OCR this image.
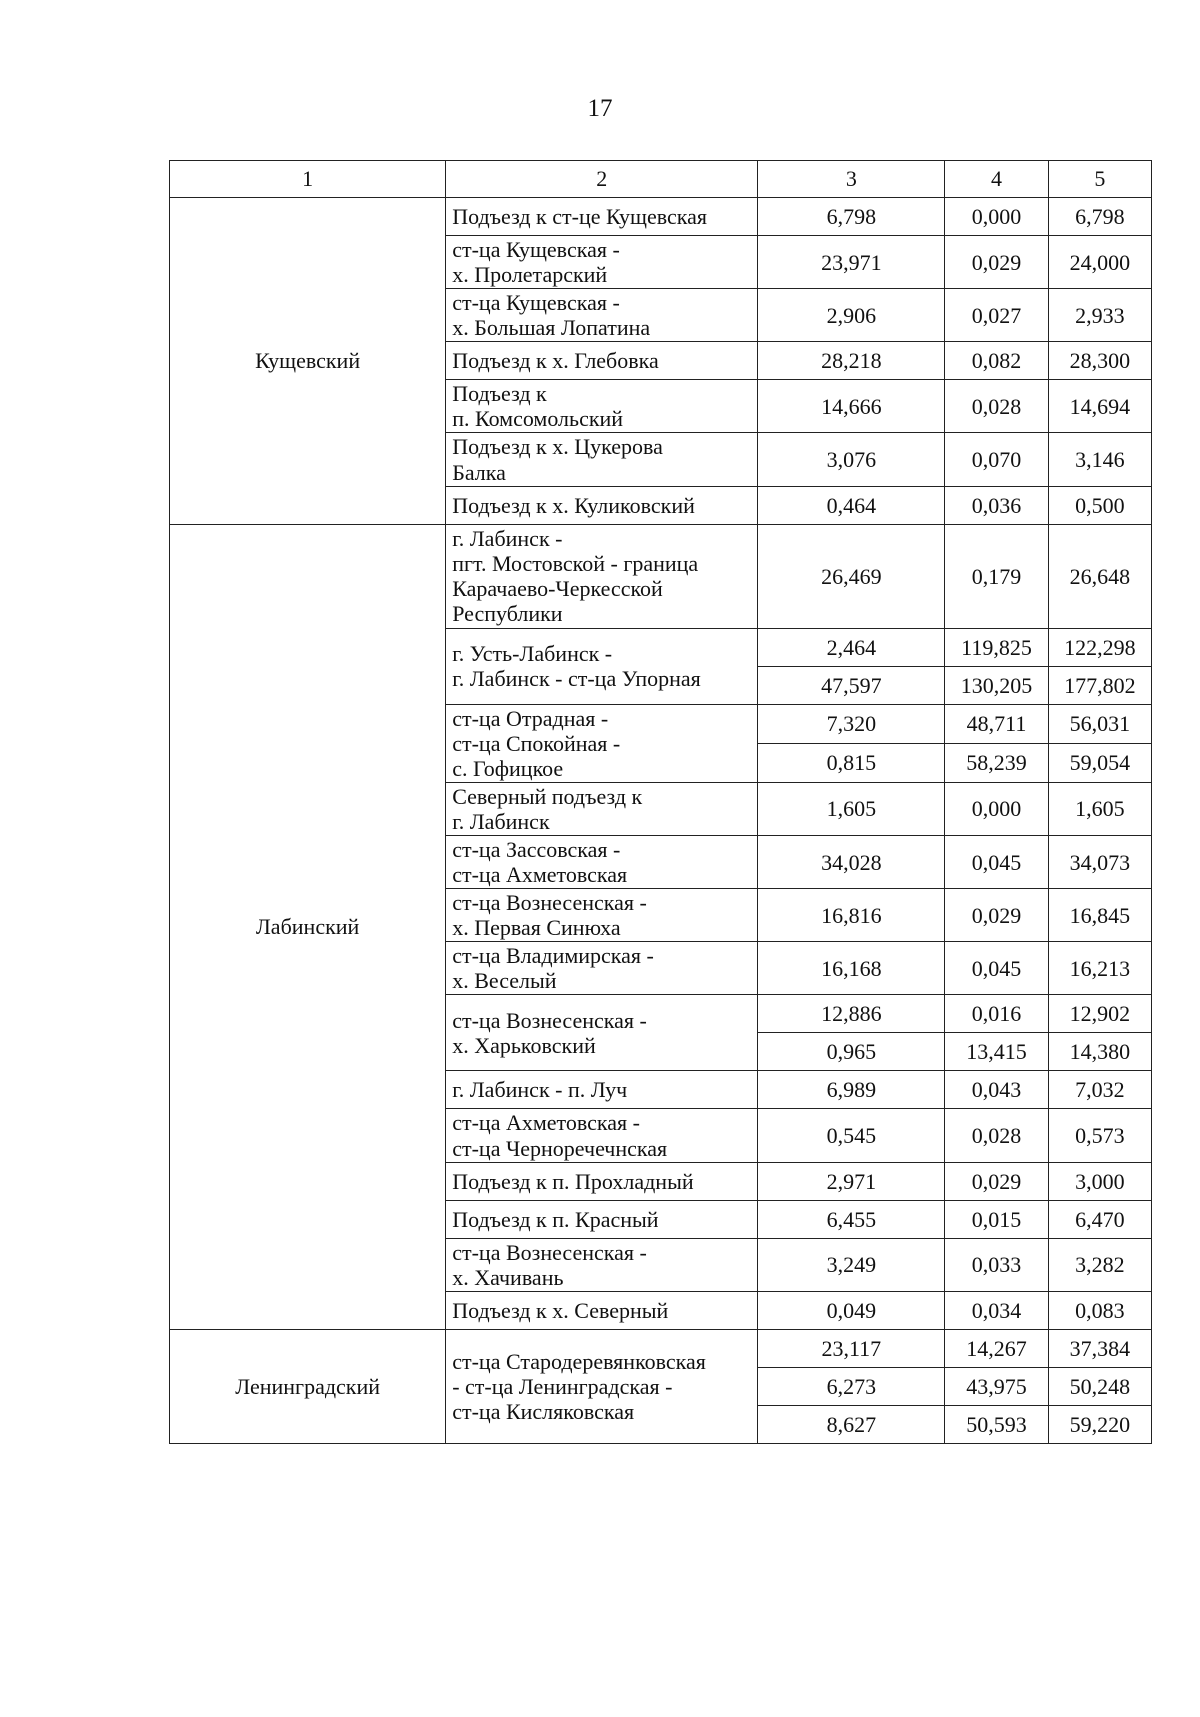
17
1	2	3	4	5
Кущевский	Подъезд к ст-це Кущевская	6,798	0,000	6,798
	ст-ца Кущевская -
х. Пролетарский	23,971	0,029	24,000
	ст-ца Кущевская -
х. Большая Лопатина	2,906	0,027	2,933
	Подъезд к х. Глебовка	28,218	0,082	28,300
	Подъезд к
п. Комсомольский	14,666	0,028	14,694
	Подъезд к х. Цукерова
Балка	3,076	0,070	3,146
	Подъезд к х. Куликовский	0,464	0,036	0,500
Лабинский	г. Лабинск -
пгт. Мостовской - граница
Карачаево-Черкесской
Республики	26,469	0,179	26,648
	г. Усть-Лабинск -
г. Лабинск - ст-ца Упорная	2,464	119,825	122,298
		47,597	130,205	177,802
	ст-ца Отрадная -
ст-ца Спокойная -
с. Гофицкое	7,320	48,711	56,031
		0,815	58,239	59,054
	Северный подъезд к
г. Лабинск	1,605	0,000	1,605
	ст-ца Зассовская -
ст-ца Ахметовская	34,028	0,045	34,073
	ст-ца Вознесенская -
х. Первая Синюха	16,816	0,029	16,845
	ст-ца Владимирская -
х. Веселый	16,168	0,045	16,213
	ст-ца Вознесенская -
х. Харьковский	12,886	0,016	12,902
		0,965	13,415	14,380
	г. Лабинск - п. Луч	6,989	0,043	7,032
	ст-ца Ахметовская -
ст-ца Черноречечнская	0,545	0,028	0,573
	Подъезд к п. Прохладный	2,971	0,029	3,000
	Подъезд к п. Красный	6,455	0,015	6,470
	ст-ца Вознесенская -
х. Хачивань	3,249	0,033	3,282
	Подъезд к х. Северный	0,049	0,034	0,083
Ленинградский	ст-ца Стародеревянковская
- ст-ца Ленинградская -
ст-ца Кисляковская	23,117	14,267	37,384
		6,273	43,975	50,248
		8,627	50,593	59,220
